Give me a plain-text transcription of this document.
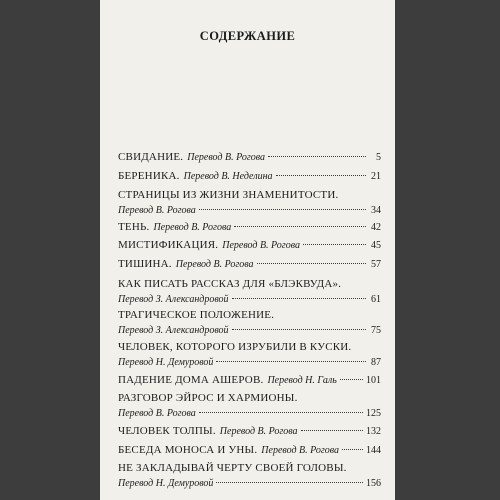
СОДЕРЖАНИЕ
СВИДАНИЕ. Перевод В. Рогова	5
БЕРЕНИКА. Перевод В. Неделина	21
СТРАНИЦЫ ИЗ ЖИЗНИ ЗНАМЕНИТОСТИ.
Перевод В. Рогова	34
ТЕНЬ. Перевод В. Рогова	42
МИСТИФИКАЦИЯ. Перевод В. Рогова	45
ТИШИНА. Перевод В. Рогова	57
КАК ПИСАТЬ РАССКАЗ ДЛЯ «БЛЭКВУДА».
Перевод З. Александровой	61
ТРАГИЧЕСКОЕ ПОЛОЖЕНИЕ.
Перевод З. Александровой	75
ЧЕЛОВЕК, КОТОРОГО ИЗРУБИЛИ В КУСКИ.
Перевод Н. Демуровой	87
ПАДЕНИЕ ДОМА АШЕРОВ. Перевод Н. Галь	101
РАЗГОВОР ЭЙРОС И ХАРМИОНЫ.
Перевод В. Рогова	125
ЧЕЛОВЕК ТОЛПЫ. Перевод В. Рогова	132
БЕСЕДА МОНОСА И УНЫ. Перевод В. Рогова	144
НЕ ЗАКЛАДЫВАЙ ЧЕРТУ СВОЕЙ ГОЛОВЫ.
Перевод Н. Демуровой	156
